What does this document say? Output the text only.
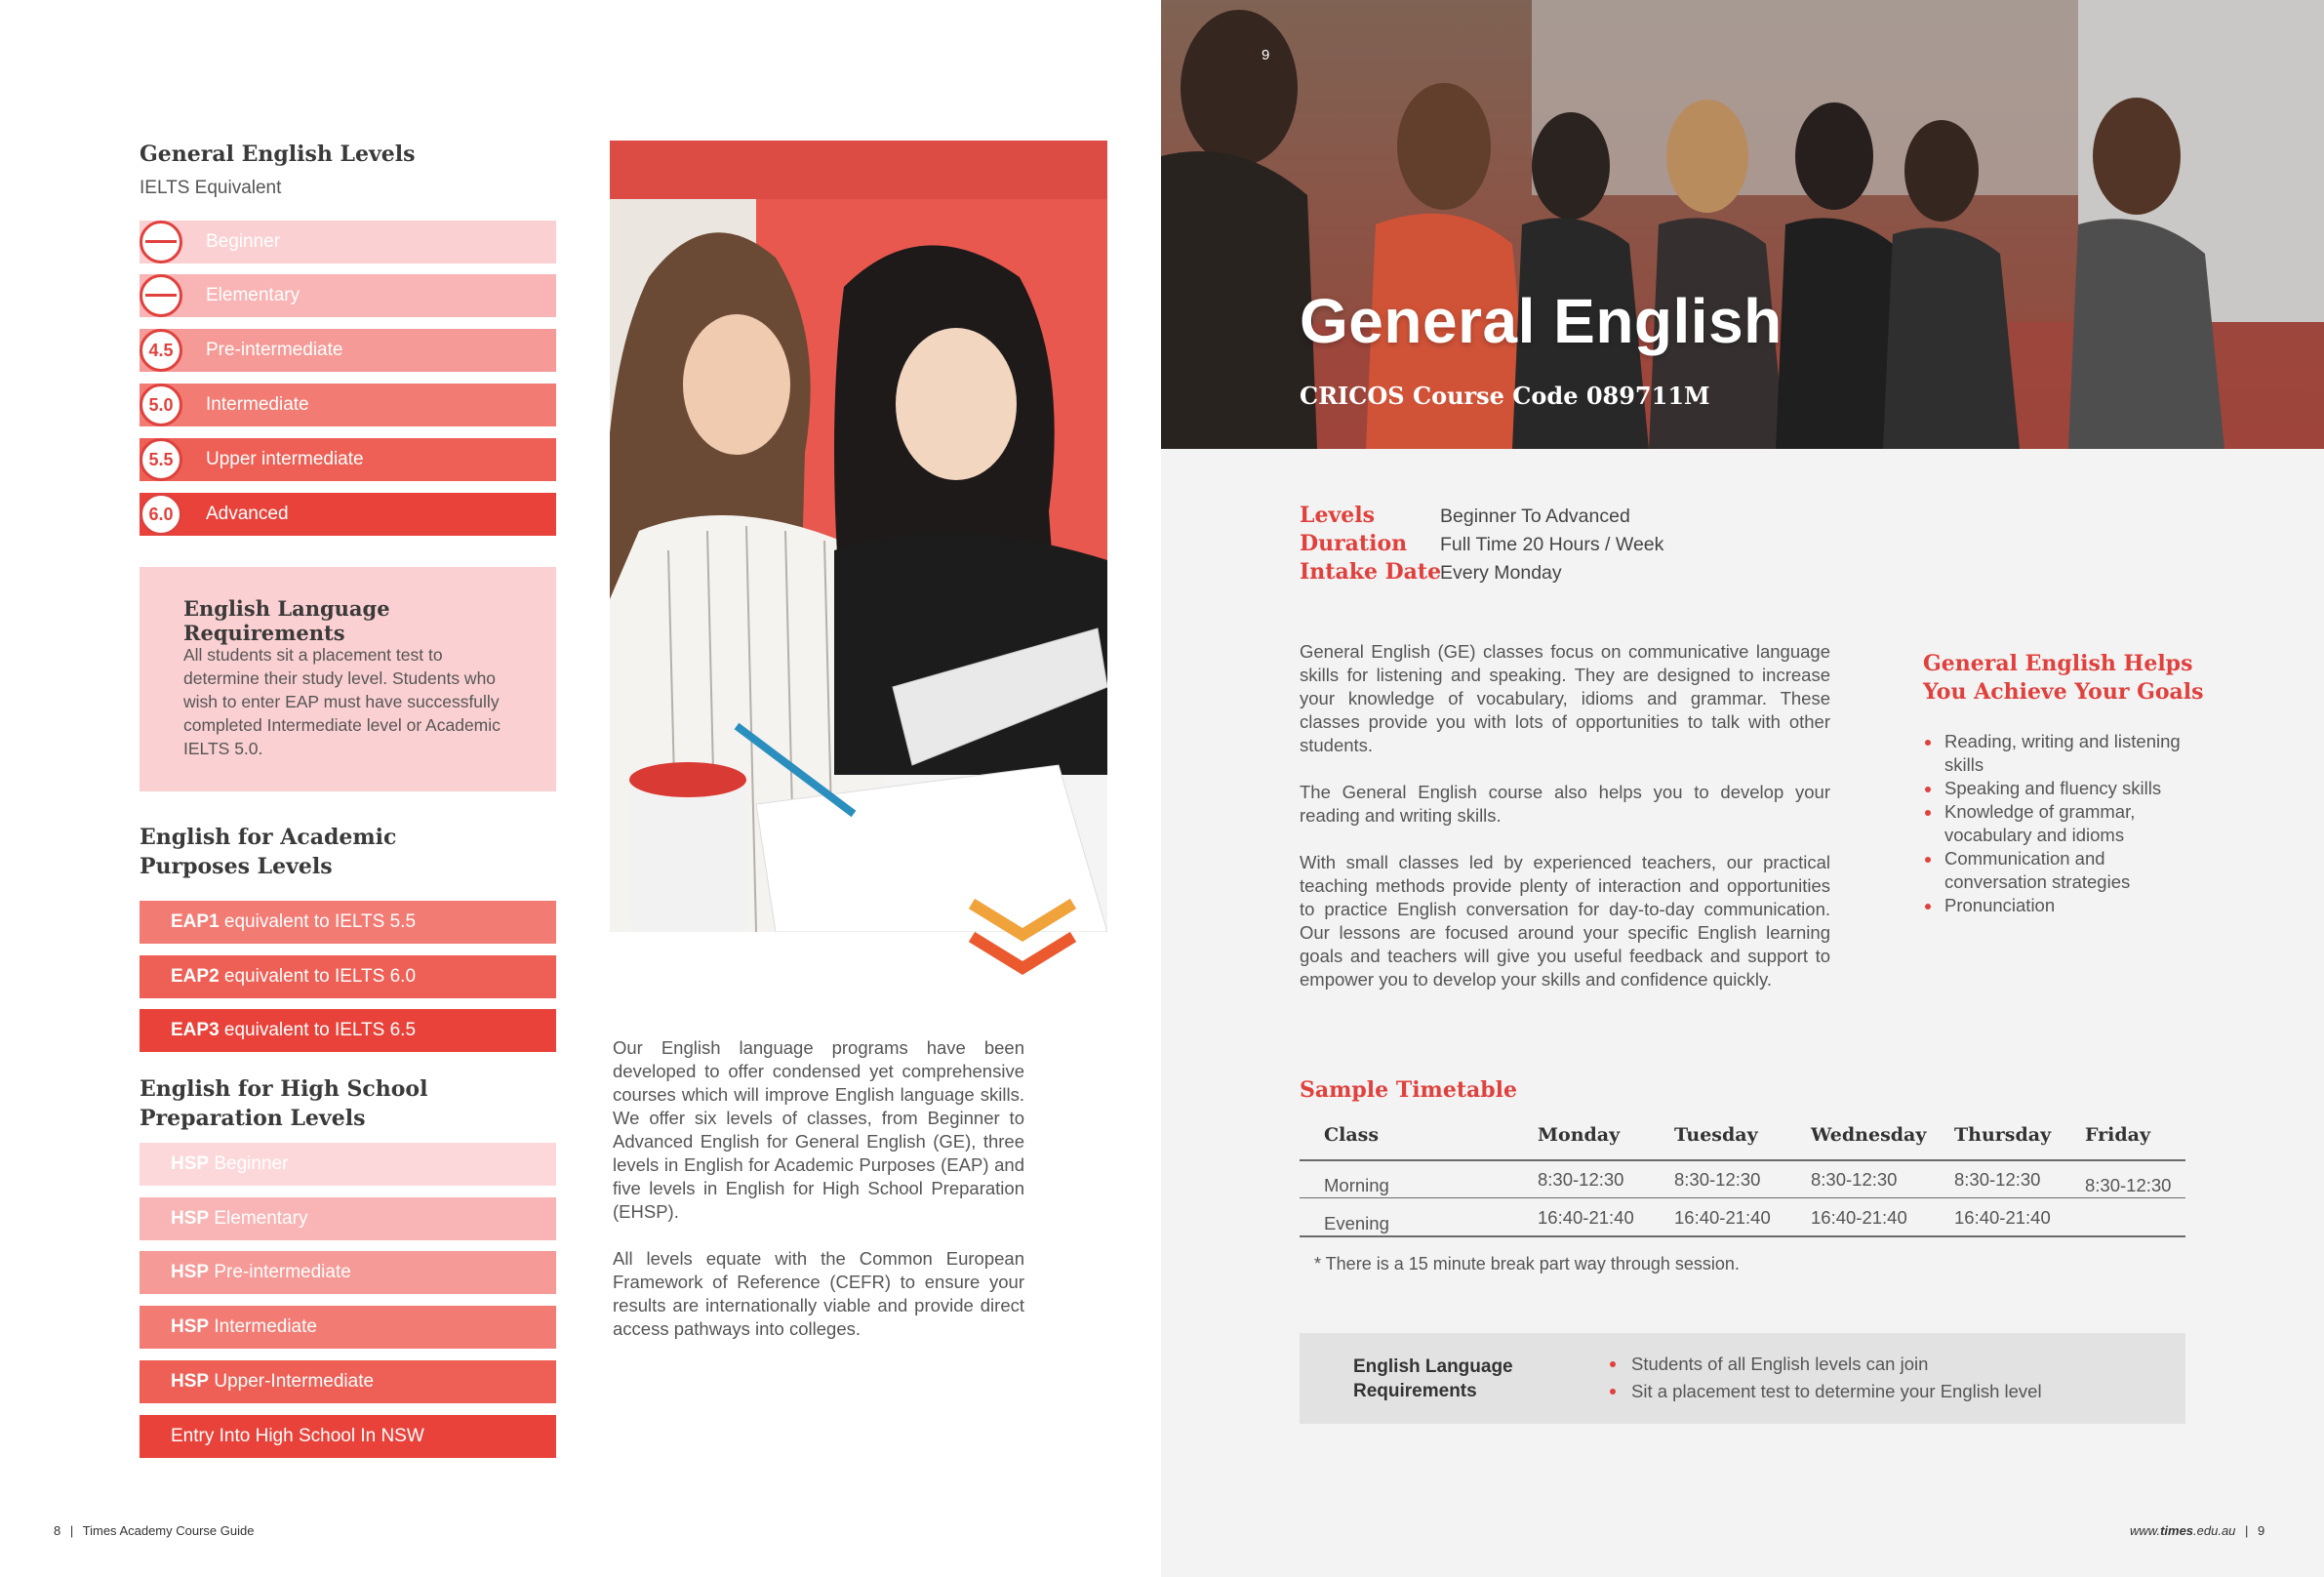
General English Levels
IELTS Equivalent
Beginner
Elementary
Pre-intermediate
4.5
Intermediate
5.0
Upper intermediate
5.5
Advanced
6.0
English Language Requirements
All students sit a placement test to determine their study level. Students who wish to enter EAP must have successfully completed Intermediate level or Academic IELTS 5.0.
English for Academic
Purposes Levels
EAP1 equivalent to IELTS 5.5
EAP2 equivalent to IELTS 6.0
EAP3 equivalent to IELTS 6.5
English for High School
Preparation Levels
HSP Beginner
HSP Elementary
HSP Pre-intermediate
HSP Intermediate
HSP Upper-Intermediate
Entry Into High School In NSW
Our English language programs have been developed to offer condensed yet comprehensive courses which will improve English language skills. We offer six levels of classes, from Beginner to Advanced English for General English (GE), three levels in English for Academic Purposes (EAP) and five levels in English for High School Preparation (EHSP).
All levels equate with the Common European Framework of Reference (CEFR) to ensure your results are internationally viable and provide direct access pathways into colleges.
8 | Times Academy Course Guide
9
General English
CRICOS Course Code 089711M
Levels	Beginner To Advanced
Duration Full Time 20 Hours / Week
Intake Date
Every Monday
General English (GE) classes focus on communicative language skills for listening and speaking. They are designed to increase your knowledge of vocabulary, idioms and grammar. These classes provide you with lots of opportunities to talk with other students.
The General English course also helps you to develop your reading and writing skills.
With small classes led by experienced teachers, our practical teaching methods provide plenty of interaction and opportunities to practice English conversation for day-to-day communication. Our lessons are focused around your specific English learning goals and teachers will give you useful feedback and support to empower you to develop your skills and confidence quickly.
General English Helps
You Achieve Your Goals
Reading, writing and listening skills
Speaking and fluency skills
Knowledge of grammar, vocabulary and idioms
Communication and conversation strategies
Pronunciation
Sample Timetable
Class	Monday	Tuesday	Wednesday Thursday Friday
Morning	8:30-12:30	8:30-12:30	8:30-12:30	8:30-12:30 8:30-12:30
Evening	16:40-21:40 16:40-21:40 16:40-21:40	16:40-21:40
* There is a 15 minute break part way through session.
English Language
Requirements
Students of all English levels can join
Sit a placement test to determine your English level
www.times.edu.au | 9
